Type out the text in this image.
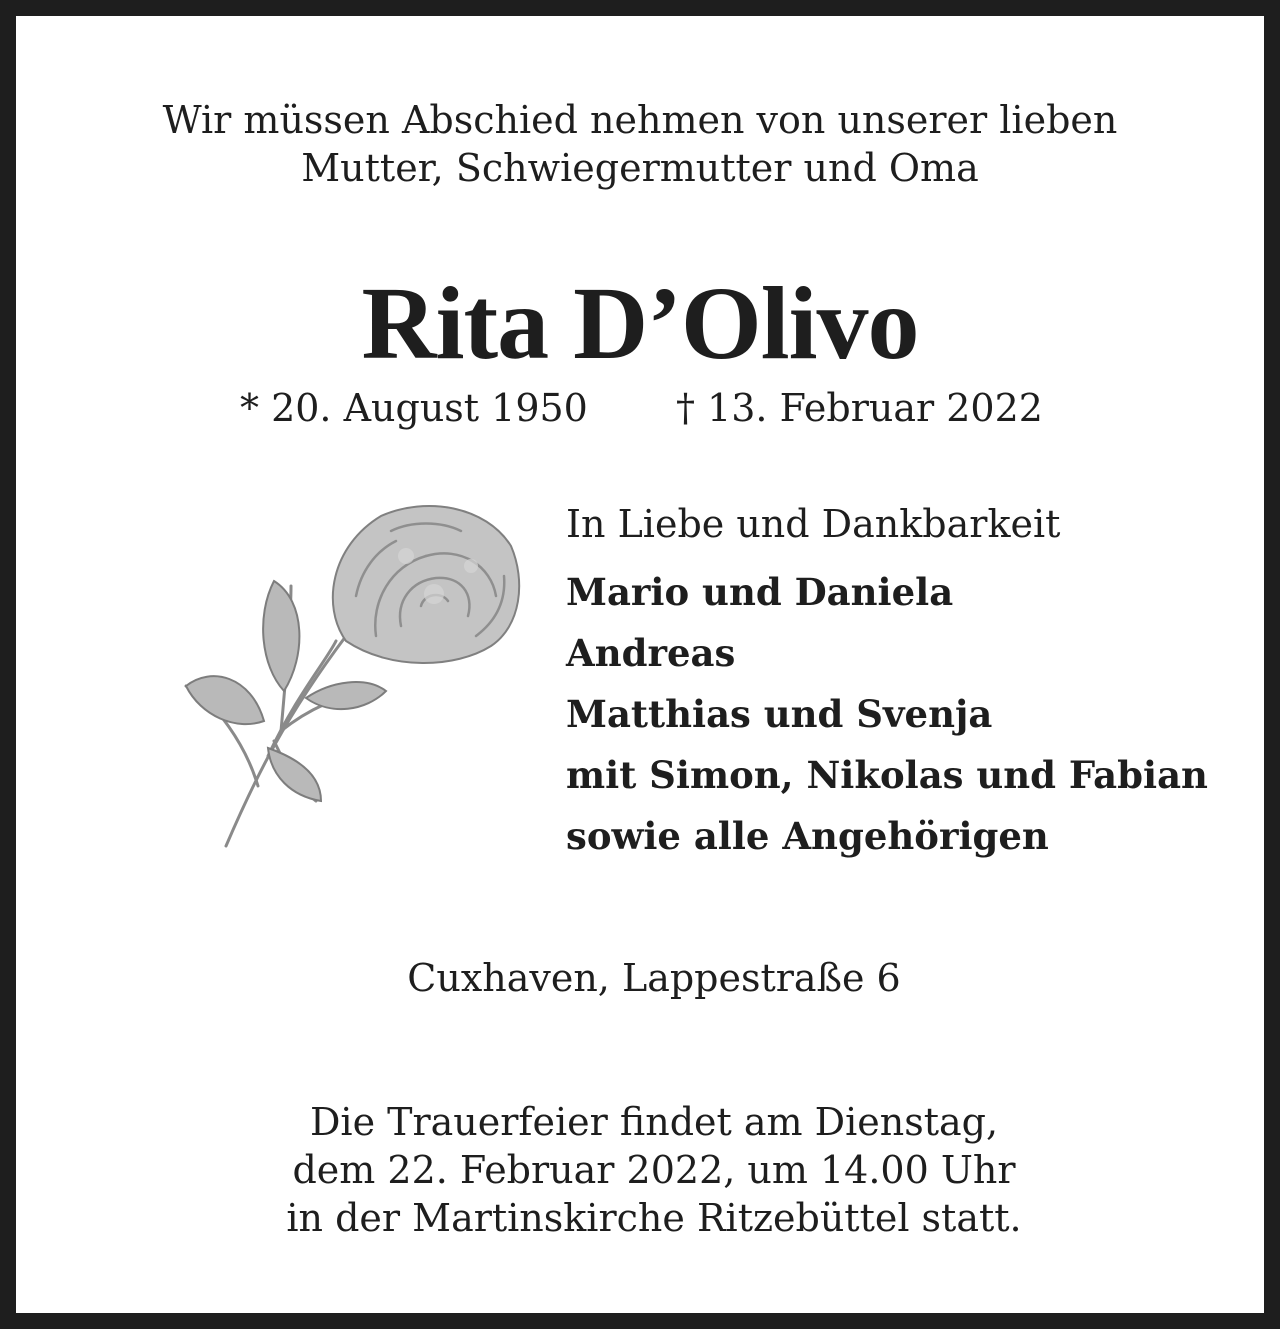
Wir müssen Abschied nehmen von unserer lieben
Mutter, Schwiegermutter und Oma
Rita D’Olivo
* 20. August 1950 † 13. Februar 2022
In Liebe und Dankbarkeit
Mario und Daniela
Andreas
Matthias und Svenja
mit Simon, Nikolas und Fabian
sowie alle Angehörigen
Cuxhaven, Lappestraße 6
Die Trauerfeier findet am Dienstag,
dem 22. Februar 2022, um 14.00 Uhr
in der Martinskirche Ritzebüttel statt.
